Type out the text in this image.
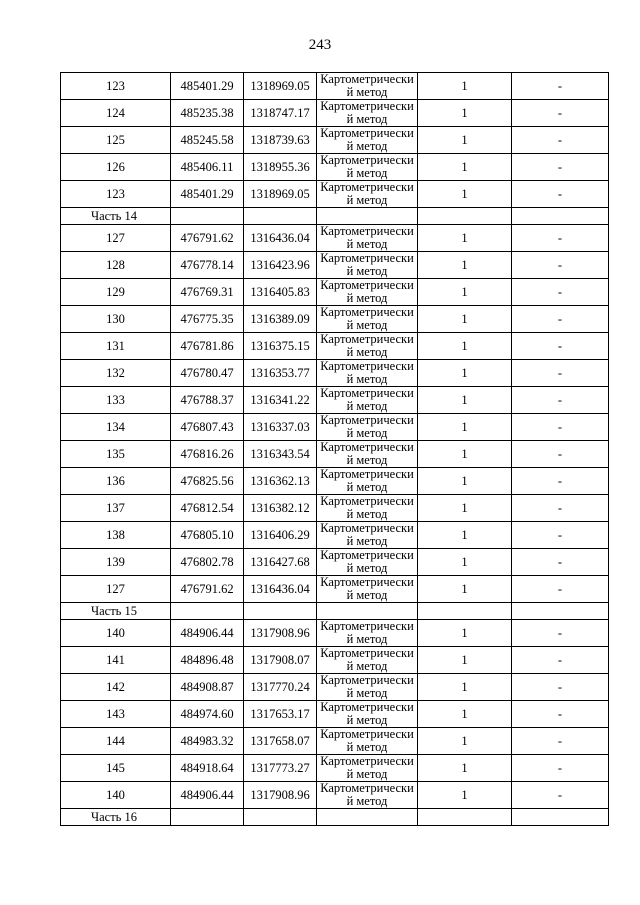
243
123	485401.29	1318969.05	Картометрически
й метод	1	-
124	485235.38	1318747.17	Картометрически
й метод	1	-
125	485245.58	1318739.63	Картометрически
й метод	1	-
126	485406.11	1318955.36	Картометрически
й метод	1	-
123	485401.29	1318969.05	Картометрически
й метод	1	-
Часть 14					
127	476791.62	1316436.04	Картометрически
й метод	1	-
128	476778.14	1316423.96	Картометрически
й метод	1	-
129	476769.31	1316405.83	Картометрически
й метод	1	-
130	476775.35	1316389.09	Картометрически
й метод	1	-
131	476781.86	1316375.15	Картометрически
й метод	1	-
132	476780.47	1316353.77	Картометрически
й метод	1	-
133	476788.37	1316341.22	Картометрически
й метод	1	-
134	476807.43	1316337.03	Картометрически
й метод	1	-
135	476816.26	1316343.54	Картометрически
й метод	1	-
136	476825.56	1316362.13	Картометрически
й метод	1	-
137	476812.54	1316382.12	Картометрически
й метод	1	-
138	476805.10	1316406.29	Картометрически
й метод	1	-
139	476802.78	1316427.68	Картометрически
й метод	1	-
127	476791.62	1316436.04	Картометрически
й метод	1	-
Часть 15					
140	484906.44	1317908.96	Картометрически
й метод	1	-
141	484896.48	1317908.07	Картометрически
й метод	1	-
142	484908.87	1317770.24	Картометрически
й метод	1	-
143	484974.60	1317653.17	Картометрически
й метод	1	-
144	484983.32	1317658.07	Картометрически
й метод	1	-
145	484918.64	1317773.27	Картометрически
й метод	1	-
140	484906.44	1317908.96	Картометрически
й метод	1	-
Часть 16					
